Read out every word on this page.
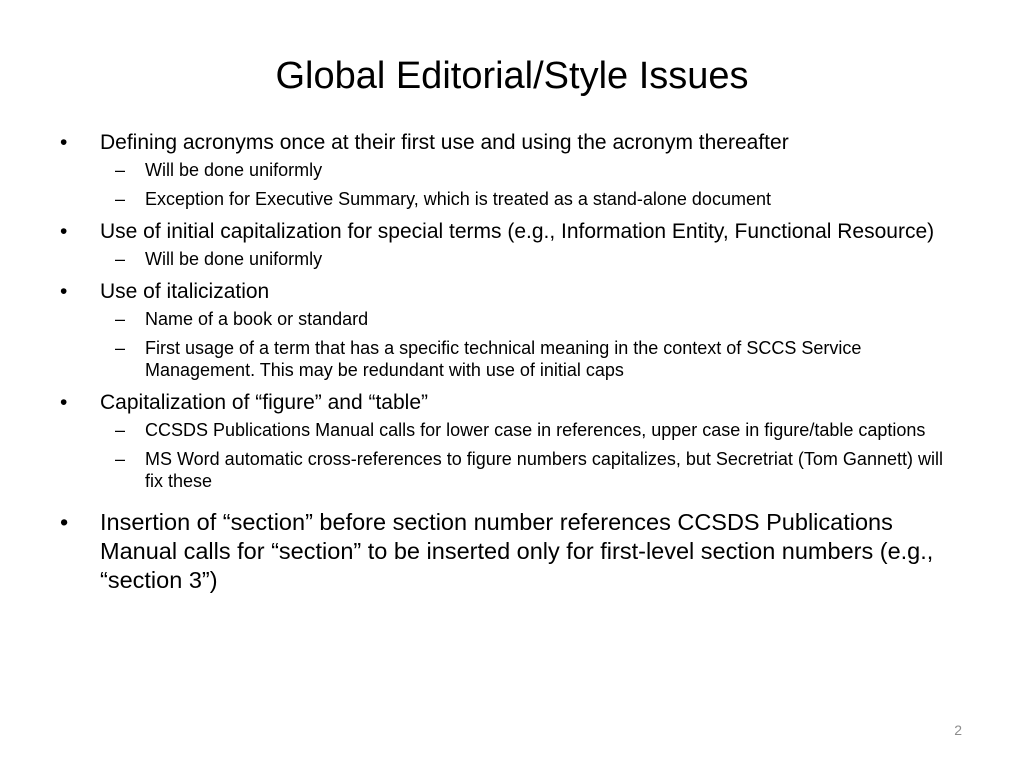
Global Editorial/Style Issues
• Defining acronyms once at their first use and using the acronym thereafter
– Will be done uniformly
– Exception for Executive Summary, which is treated as a stand-alone document
• Use of initial capitalization for special terms (e.g., Information Entity, Functional Resource)
– Will be done uniformly
• Use of italicization
– Name of a book or standard
– First usage of a term that has a specific technical meaning in the context of SCCS Service Management. This may be redundant with use of initial caps
• Capitalization of “figure” and “table”
– CCSDS Publications Manual calls for lower case in references, upper case in figure/table captions
– MS Word automatic cross-references to figure numbers capitalizes, but Secretriat (Tom Gannett) will fix these
• Insertion of “section” before section number references CCSDS Publications Manual calls for “section” to be inserted only for first-level section numbers (e.g., “section 3”)
2
